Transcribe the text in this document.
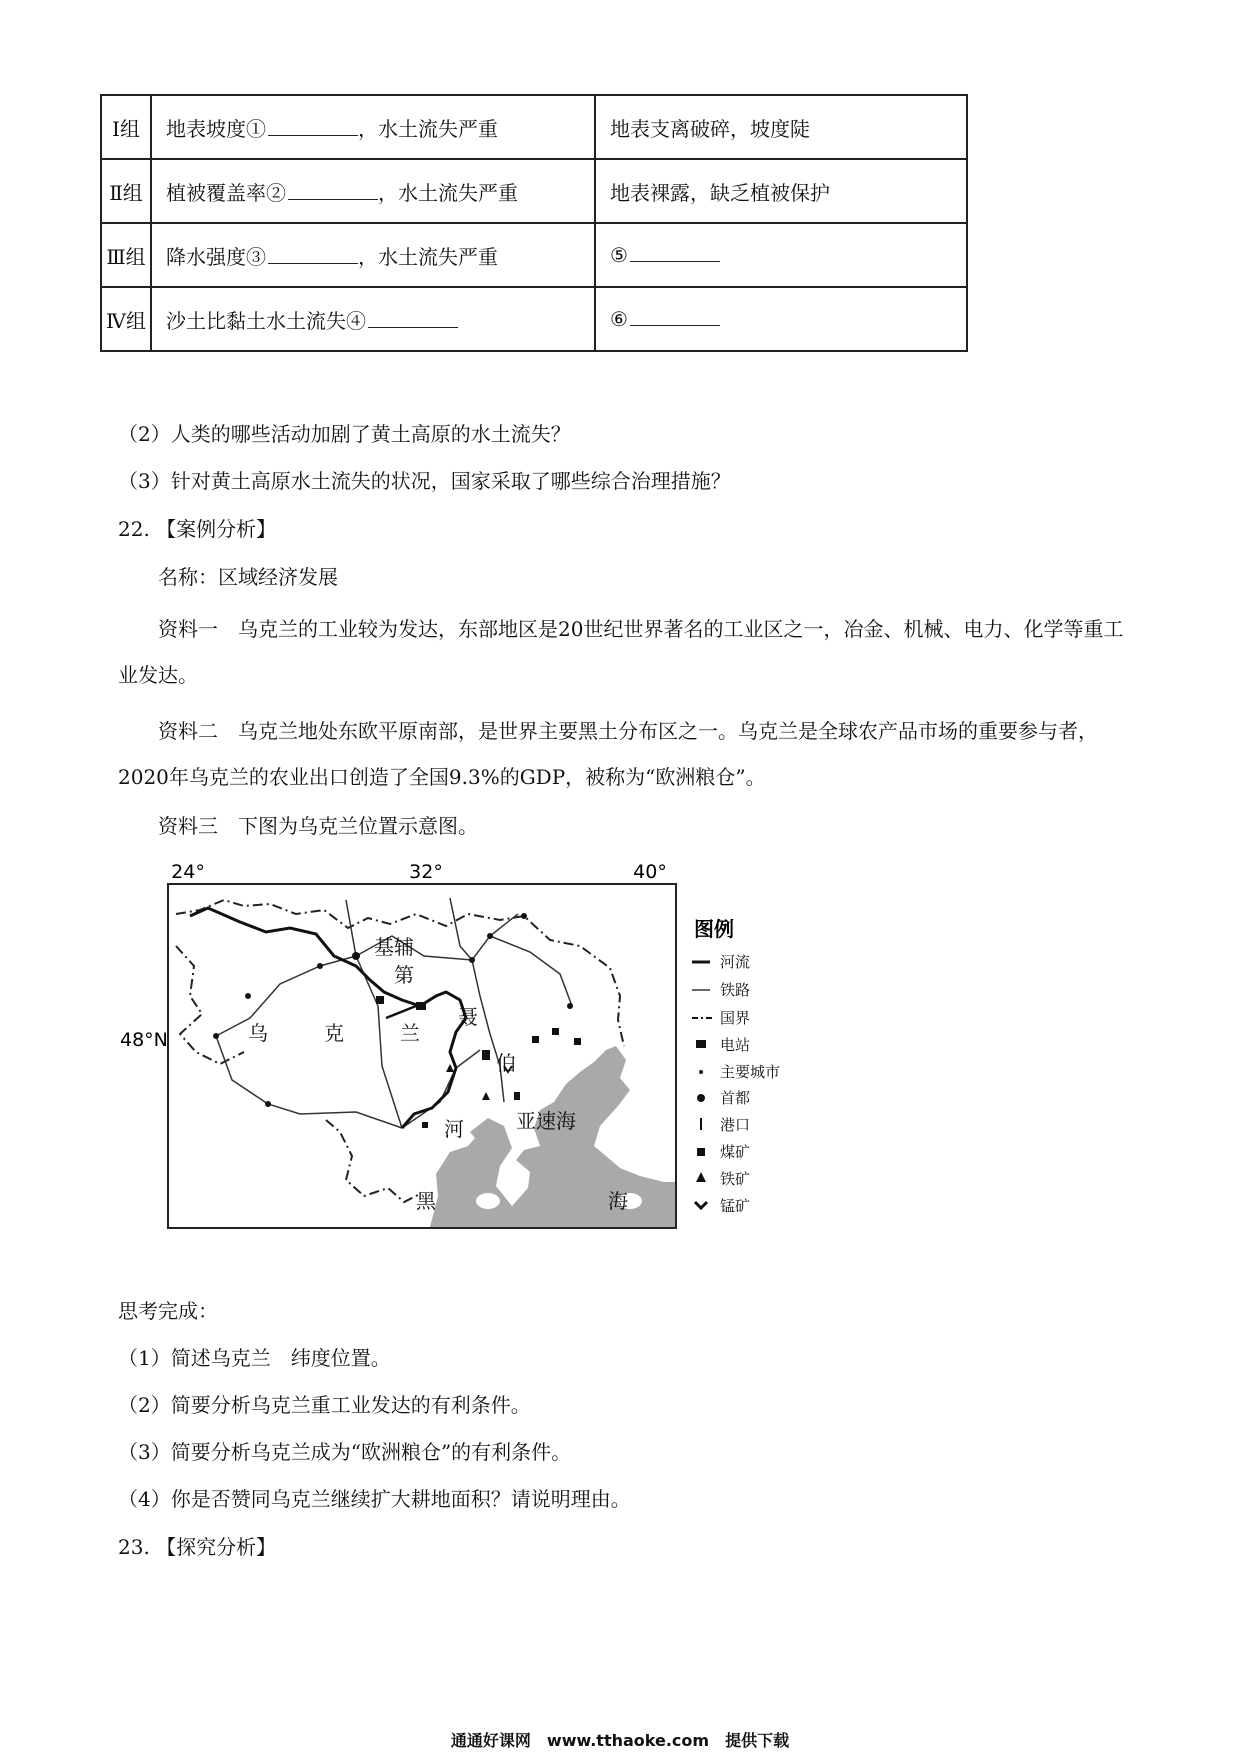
Ⅰ组	地表坡度① ，水土流失严重	地表支离破碎，坡度陡
Ⅱ组	植被覆盖率② ，水土流失严重	地表裸露，缺乏植被保护
Ⅲ组	降水强度③ ，水土流失严重	⑤
Ⅳ组	沙土比黏土水土流失④	⑥
（2）人类的哪些活动加剧了黄土高原的水土流失？
（3）针对黄土高原水土流失的状况，国家采取了哪些综合治理措施？
22. 【案例分析】
名称：区域经济发展
资料一　乌克兰的工业较为发达，东部地区是20世纪世界著名的工业区之一，冶金、机械、电力、化学等重工业发达。
资料二　乌克兰地处东欧平原南部，是世界主要黑土分布区之一。乌克兰是全球农产品市场的重要参与者，2020年乌克兰的农业出口创造了全国9.3%的GDP，被称为“欧洲粮仓”。
资料三　下图为乌克兰位置示意图。
24°	32°	40°
48°N
基辅
第
聂
伯
河
乌	克	兰
亚速海
黑	海
图例
河流
铁路
国界
电站
主要城市
首都
港口
煤矿
铁矿
锰矿
思考完成：
（1）简述乌克兰　纬度位置。
（2）简要分析乌克兰重工业发达的有利条件。
（3）简要分析乌克兰成为“欧洲粮仓”的有利条件。
（4）你是否赞同乌克兰继续扩大耕地面积？请说明理由。
23. 【探究分析】
通通好课网　www.tthaoke.com　提供下载
